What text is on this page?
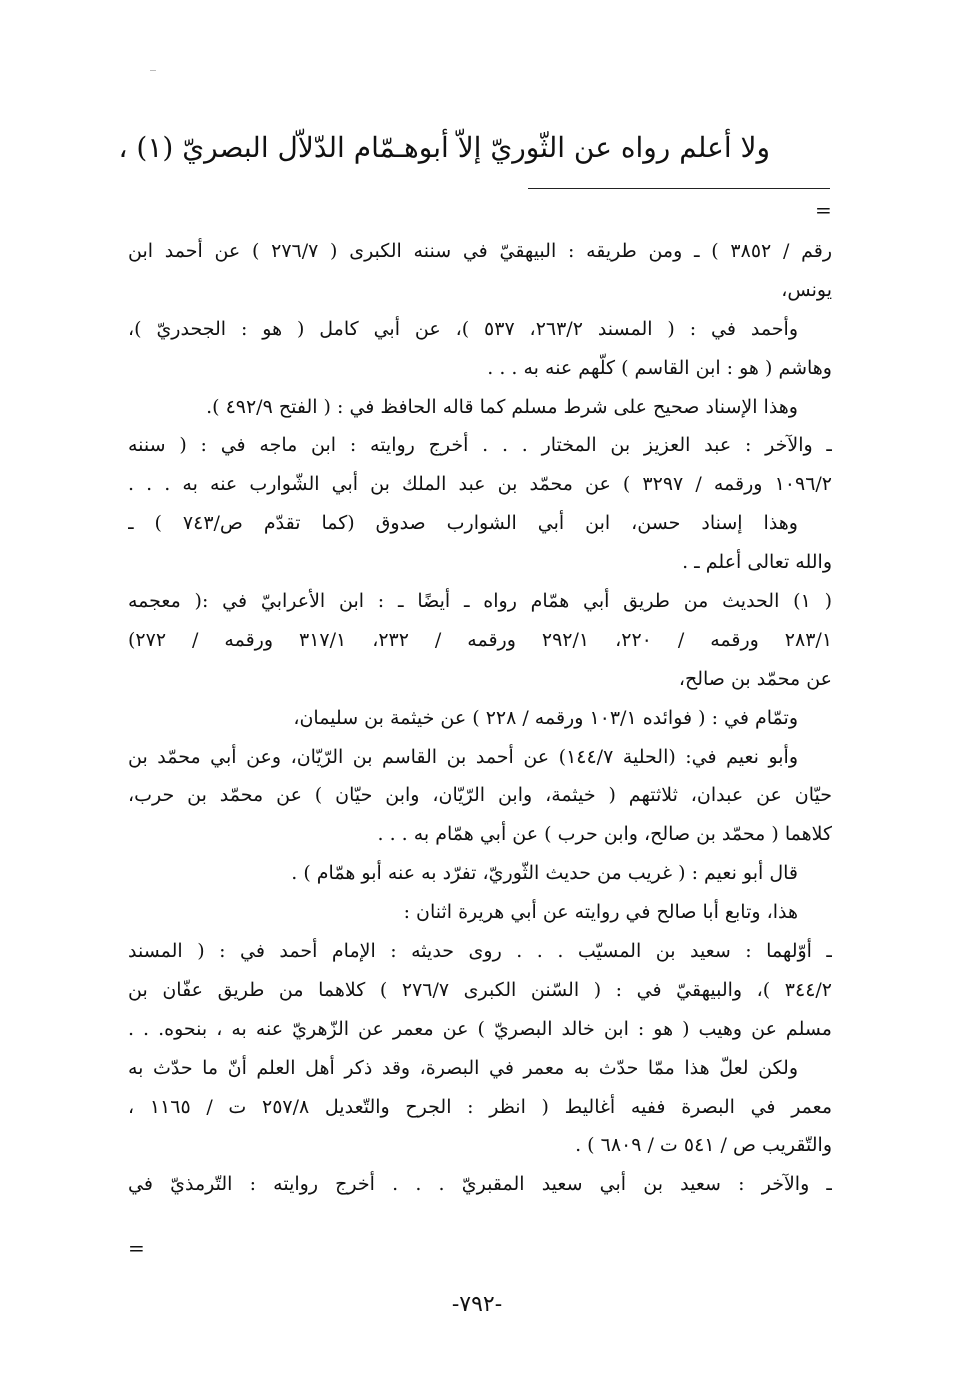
ولا أعلم رواه عن الثّوريّ إلاّ أبوهـمّام الدّلاّل البصريّ (١) ،
=
رقم / ٣٨٥٢ ) ـ ومن طريقه : البيهقيّ في سننه الكبرى ( ٢٧٦/٧ ) عن أحمد ابن
يونس،
وأحمد في : ( المسند ٢٦٣/٢، ٥٣٧ )، عن أبي كامل ( هو : الجحدريّ )،
وهاشم ( هو : ابن القاسم ) كلّهم عنه به . . .
وهذا الإسناد صحيح على شرط مسلم كما قاله الحافظ في : ( الفتح ٤٩٢/٩ ).
ـ والآخر : عبد العزيز بن المختار . . . أخرج روايته : ابن ماجه في : ( سننه
١٠٩٦/٢ ورقمه / ٣٢٩٧ ) عن محمّد بن عبد الملك بن أبي الشّوارب عنه به . . .
وهذا إسناد حسن، ابن أبي الشوارب صدوق (كما تقدّم ص/٧٤٣ ) ـ
والله تعالى أعلم ـ .
( ١) الحديث من طريق أبي همّام رواه ـ أيضًا ـ : ابن الأعرابيّ في :( معجمه
٢٨٣/١ ورقمه / ٢٢٠، ٢٩٢/١ ورقمه / ٢٣٢، ٣١٧/١ ورقمه / ٢٧٢)
عن محمّد بن صالح،
وتمّام في : ( فوائده ١٠٣/١ ورقمه / ٢٢٨ ) عن خيثمة بن سليمان،
وأبو نعيم في: (الحلية ١٤٤/٧) عن أحمد بن القاسم بن الرّيّان، وعن أبي محمّد بن
حيّان عن عبدان، ثلاثتهم ( خيثمة، وابن الرّيّان، وابن حيّان ) عن محمّد بن حرب،
كلاهما ( محمّد بن صالح، وابن حرب ) عن أبي همّام به . . .
قال أبو نعيم : ( غريب من حديث الثّوريّ، تفرّد به عنه أبو همّام ) .
هذا، وتابع أبا صالح في روايته عن أبي هريرة اثنان :
ـ أوّلهما : سعيد بن المسيّب . . . روى حديثه : الإمام أحمد في : ( المسند
٣٤٤/٢ )، والبيهقيّ في : ( السّنن الكبرى ٢٧٦/٧ ) كلاهما من طريق عفّان بن
مسلم عن وهيب ( هو : ابن خالد البصريّ ) عن معمر عن الزّهريّ عنه به ، بنحوه. . .
ولكن لعلّ هذا ممّا حدّث به معمر في البصرة، وقد ذكر أهل العلم أنّ ما حدّث به
معمر في البصرة ففيه أغاليط ( انظر : الجرح والتّعديل ٢٥٧/٨ ت / ١١٦٥ ،
والتّقريب ص / ٥٤١ ت / ٦٨٠٩ ) .
ـ والآخر : سعيد بن أبي سعيد المقبريّ . . . أخرج روايته : التّرمذيّ في
=
-٧٩٢-
